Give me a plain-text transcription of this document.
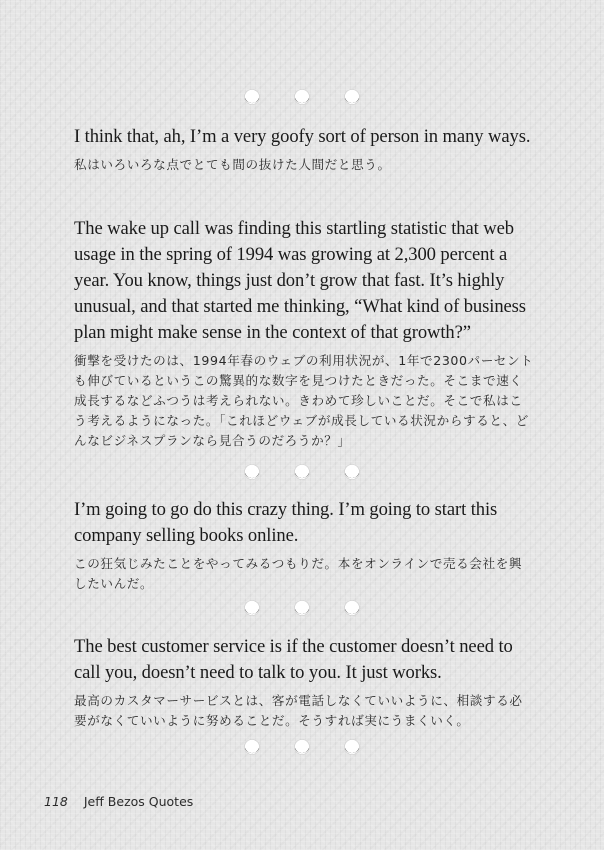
I think that, ah, I’m a very goofy sort of person in many ways.

私はいろいろな点でとても間の抜けた人間だと思う。

The wake up call was finding this startling statistic that web usage in the spring of 1994 was growing at 2,300 percent a year. You know, things just don’t grow that fast. It’s highly unusual, and that started me thinking, “What kind of business plan might make sense in the context of that growth?”

衝撃を受けたのは、1994年春のウェブの利用状況が、1年で2300パーセントも伸びているというこの驚異的な数字を見つけたときだった。そこまで速く成長するなどふつうは考えられない。きわめて珍しいことだ。そこで私はこう考えるようになった。「これほどウェブが成長している状況からすると、どんなビジネスプランなら見合うのだろうか？」

I’m going to go do this crazy thing. I’m going to start this company selling books online.

この狂気じみたことをやってみるつもりだ。本をオンラインで売る会社を興したいんだ。

The best customer service is if the customer doesn’t need to call you, doesn’t need to talk to you. It just works.

最高のカスタマーサービスとは、客が電話しなくていいように、相談する必要がなくていいように努めることだ。そうすれば実にうまくいく。

118 Jeff Bezos Quotes
